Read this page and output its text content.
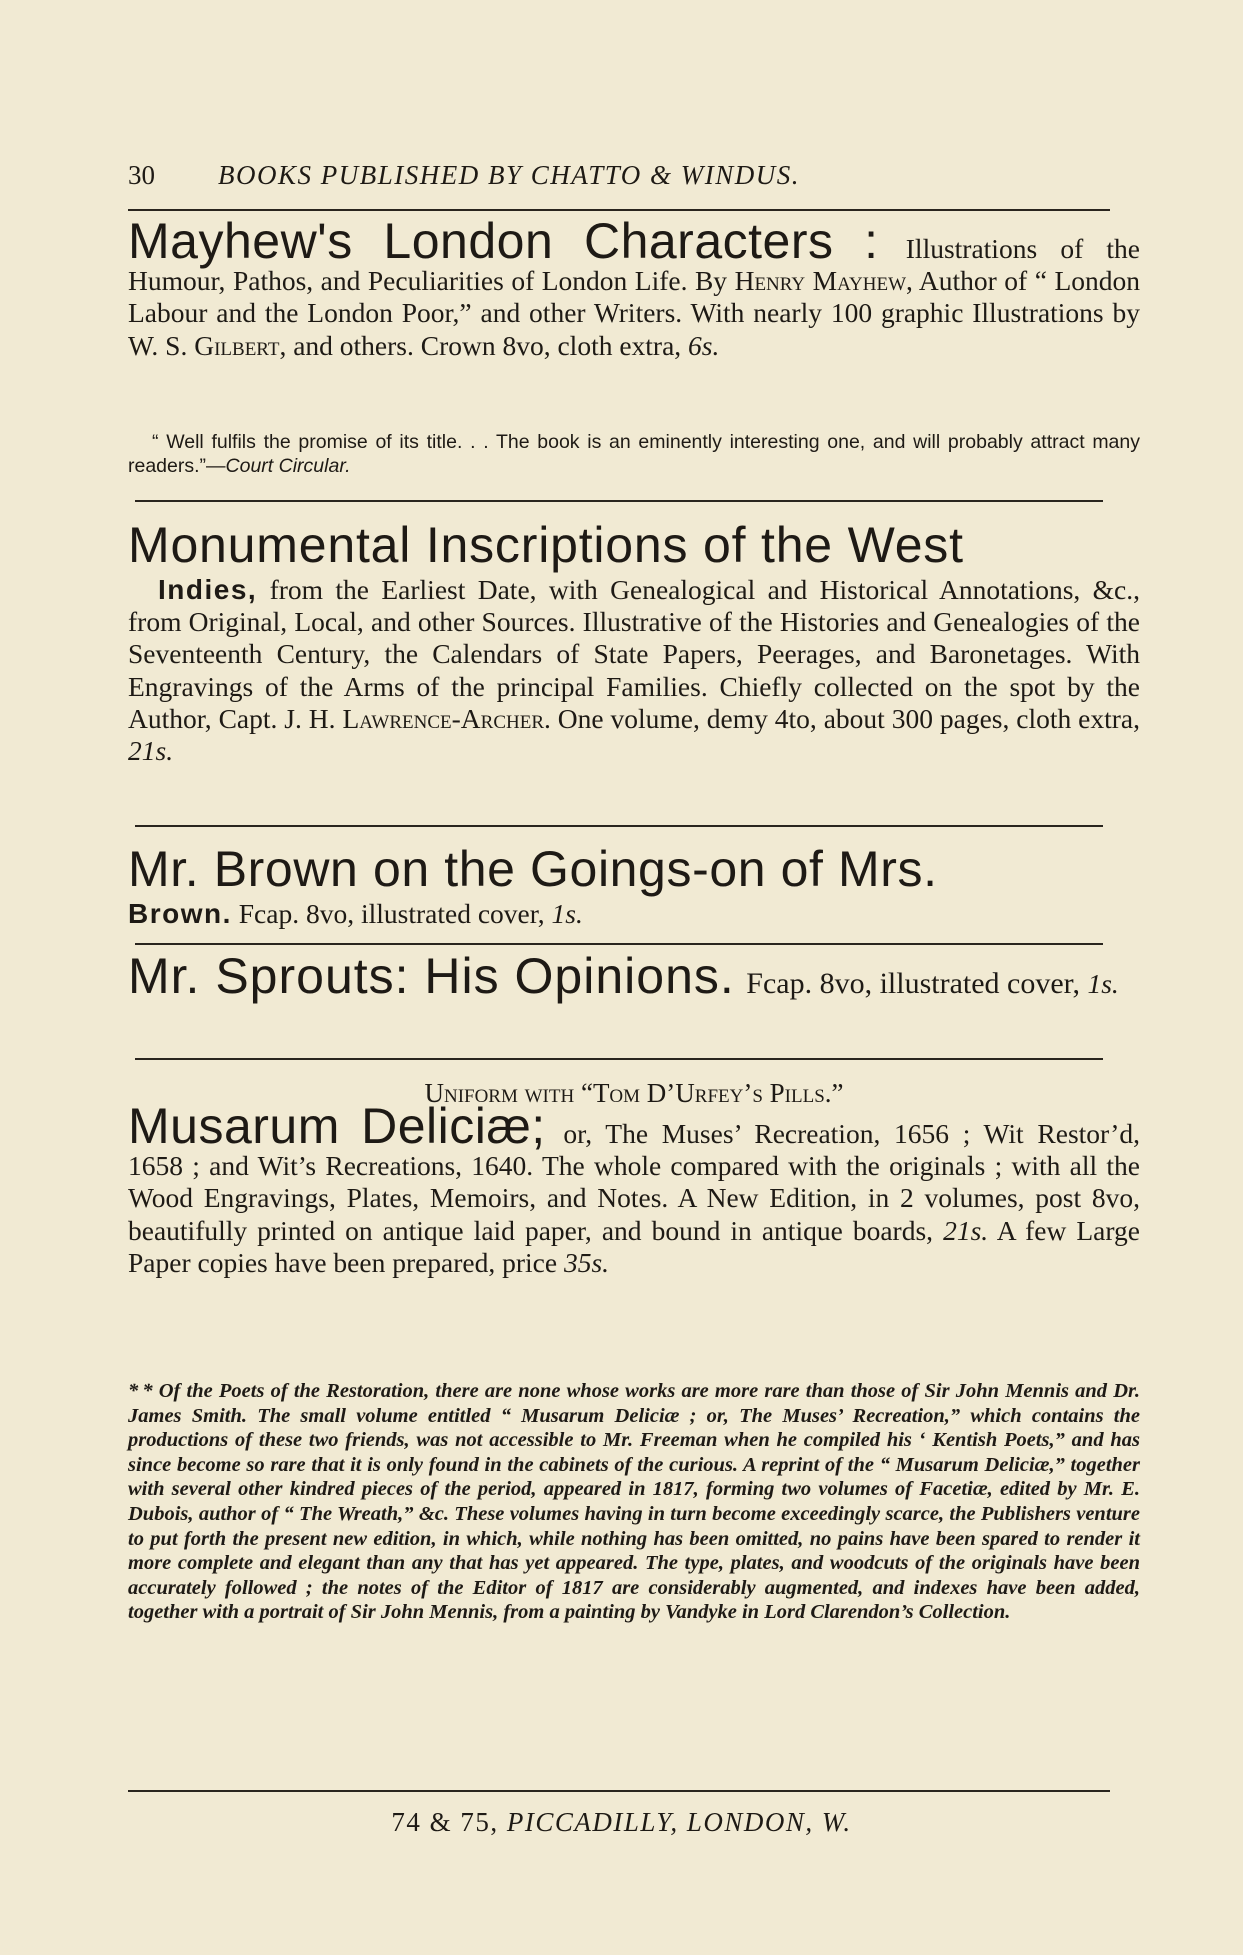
30 BOOKS PUBLISHED BY CHATTO & WINDUS.

Mayhew's London Characters : Illustrations of the Humour, Pathos, and Peculiarities of London Life. By Henry Mayhew, Author of “ London Labour and the London Poor,” and other Writers. With nearly 100 graphic Illustrations by W. S. Gilbert, and others. Crown 8vo, cloth extra, 6s.

“ Well fulfils the promise of its title. . . The book is an eminently interesting one, and will probably attract many readers.”—Court Circular.
Monumental Inscriptions of the West

Indies, from the Earliest Date, with Genealogical and Historical Annotations, &c., from Original, Local, and other Sources. Illustrative of the Histories and Genealogies of the Seventeenth Century, the Calendars of State Papers, Peerages, and Baronetages. With Engravings of the Arms of the principal Families. Chiefly collected on the spot by the Author, Capt. J. H. Lawrence-Archer. One volume, demy 4to, about 300 pages, cloth extra, 21s.

Mr. Brown on the Goings-on of Mrs.

Brown. Fcap. 8vo, illustrated cover, 1s.

Mr. Sprouts: His Opinions. Fcap. 8vo, illustrated cover, 1s.

Uniform with “Tom D’Urfey’s Pills.”

Musarum Deliciæ; or, The Muses’ Recreation, 1656 ; Wit Restor’d, 1658 ; and Wit’s Recreations, 1640. The whole compared with the originals ; with all the Wood Engravings, Plates, Memoirs, and Notes. A New Edition, in 2 volumes, post 8vo, beautifully printed on antique laid paper, and bound in antique boards, 21s. A few Large Paper copies have been prepared, price 35s.

* * Of the Poets of the Restoration, there are none whose works are more rare than those of Sir John Mennis and Dr. James Smith. The small volume entitled “ Musarum Deliciæ ; or, The Muses’ Recreation,” which contains the productions of these two friends, was not accessible to Mr. Freeman when he compiled his ‘ Kentish Poets,” and has since become so rare that it is only found in the cabinets of the curious. A reprint of the “ Musarum Deliciæ,” together with several other kindred pieces of the period, appeared in 1817, forming two volumes of Facetiæ, edited by Mr. E. Dubois, author of “ The Wreath,” &c. These volumes having in turn become exceedingly scarce, the Publishers venture to put forth the present new edition, in which, while nothing has been omitted, no pains have been spared to render it more complete and elegant than any that has yet appeared. The type, plates, and woodcuts of the originals have been accurately followed ; the notes of the Editor of 1817 are considerably augmented, and indexes have been added, together with a portrait of Sir John Mennis, from a painting by Vandyke in Lord Clarendon’s Collection.
74 & 75, PICCADILLY, LONDON, W.
